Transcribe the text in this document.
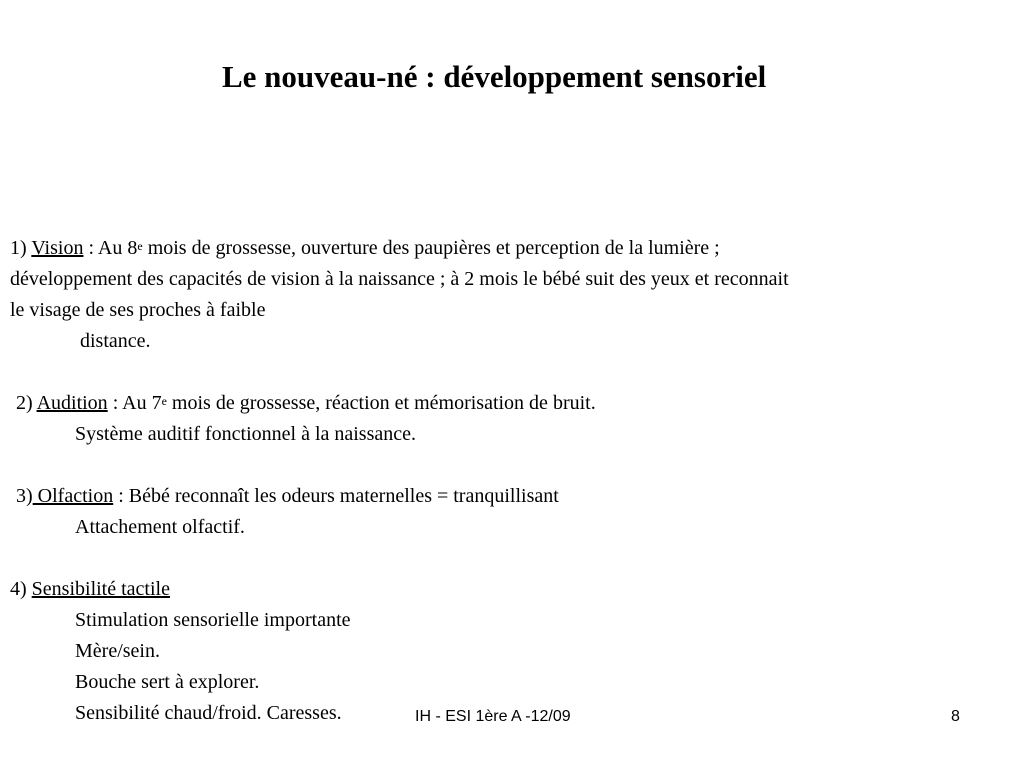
Le nouveau-né : développement sensoriel
1) Vision : Au 8e mois de grossesse, ouverture des paupières et perception de la lumière ;
développement des capacités de vision à la naissance ; à 2 mois le bébé suit des yeux et reconnait
le visage de ses proches à faible
distance.
2) Audition : Au 7e mois de grossesse, réaction et mémorisation de bruit.
Système auditif fonctionnel à la naissance.
3) Olfaction : Bébé reconnaît les odeurs maternelles = tranquillisant
Attachement olfactif.
4) Sensibilité tactile
Stimulation sensorielle importante
Mère/sein.
Bouche sert à explorer.
Sensibilité chaud/froid. Caresses.	IH - ESI 1ère A -12/09	8
